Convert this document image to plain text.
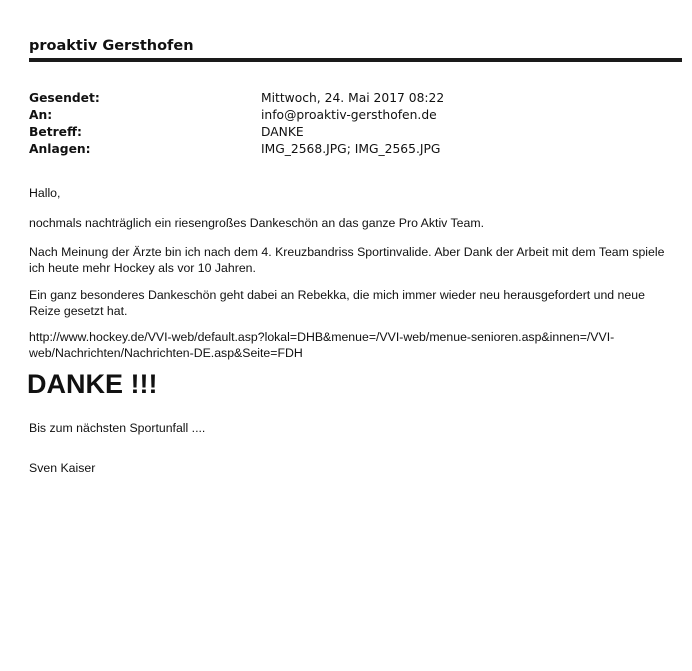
proaktiv Gersthofen
Gesendet:	Mittwoch, 24. Mai 2017 08:22
An:	info@proaktiv-gersthofen.de
Betreff:	DANKE
Anlagen:	IMG_2568.JPG; IMG_2565.JPG
Hallo,
nochmals nachträglich ein riesengroßes Dankeschön an das ganze Pro Aktiv Team.
Nach Meinung der Ärzte bin ich nach dem 4. Kreuzbandriss Sportinvalide. Aber Dank der Arbeit mit dem Team spiele
ich heute mehr Hockey als vor 10 Jahren.
Ein ganz besonderes Dankeschön geht dabei an Rebekka, die mich immer wieder neu herausgefordert und neue
Reize gesetzt hat.
http://www.hockey.de/VVI-web/default.asp?lokal=DHB&menue=/VVI-web/menue-senioren.asp&innen=/VVI-
web/Nachrichten/Nachrichten-DE.asp&Seite=FDH
DANKE !!!
Bis zum nächsten Sportunfall ....
Sven Kaiser
